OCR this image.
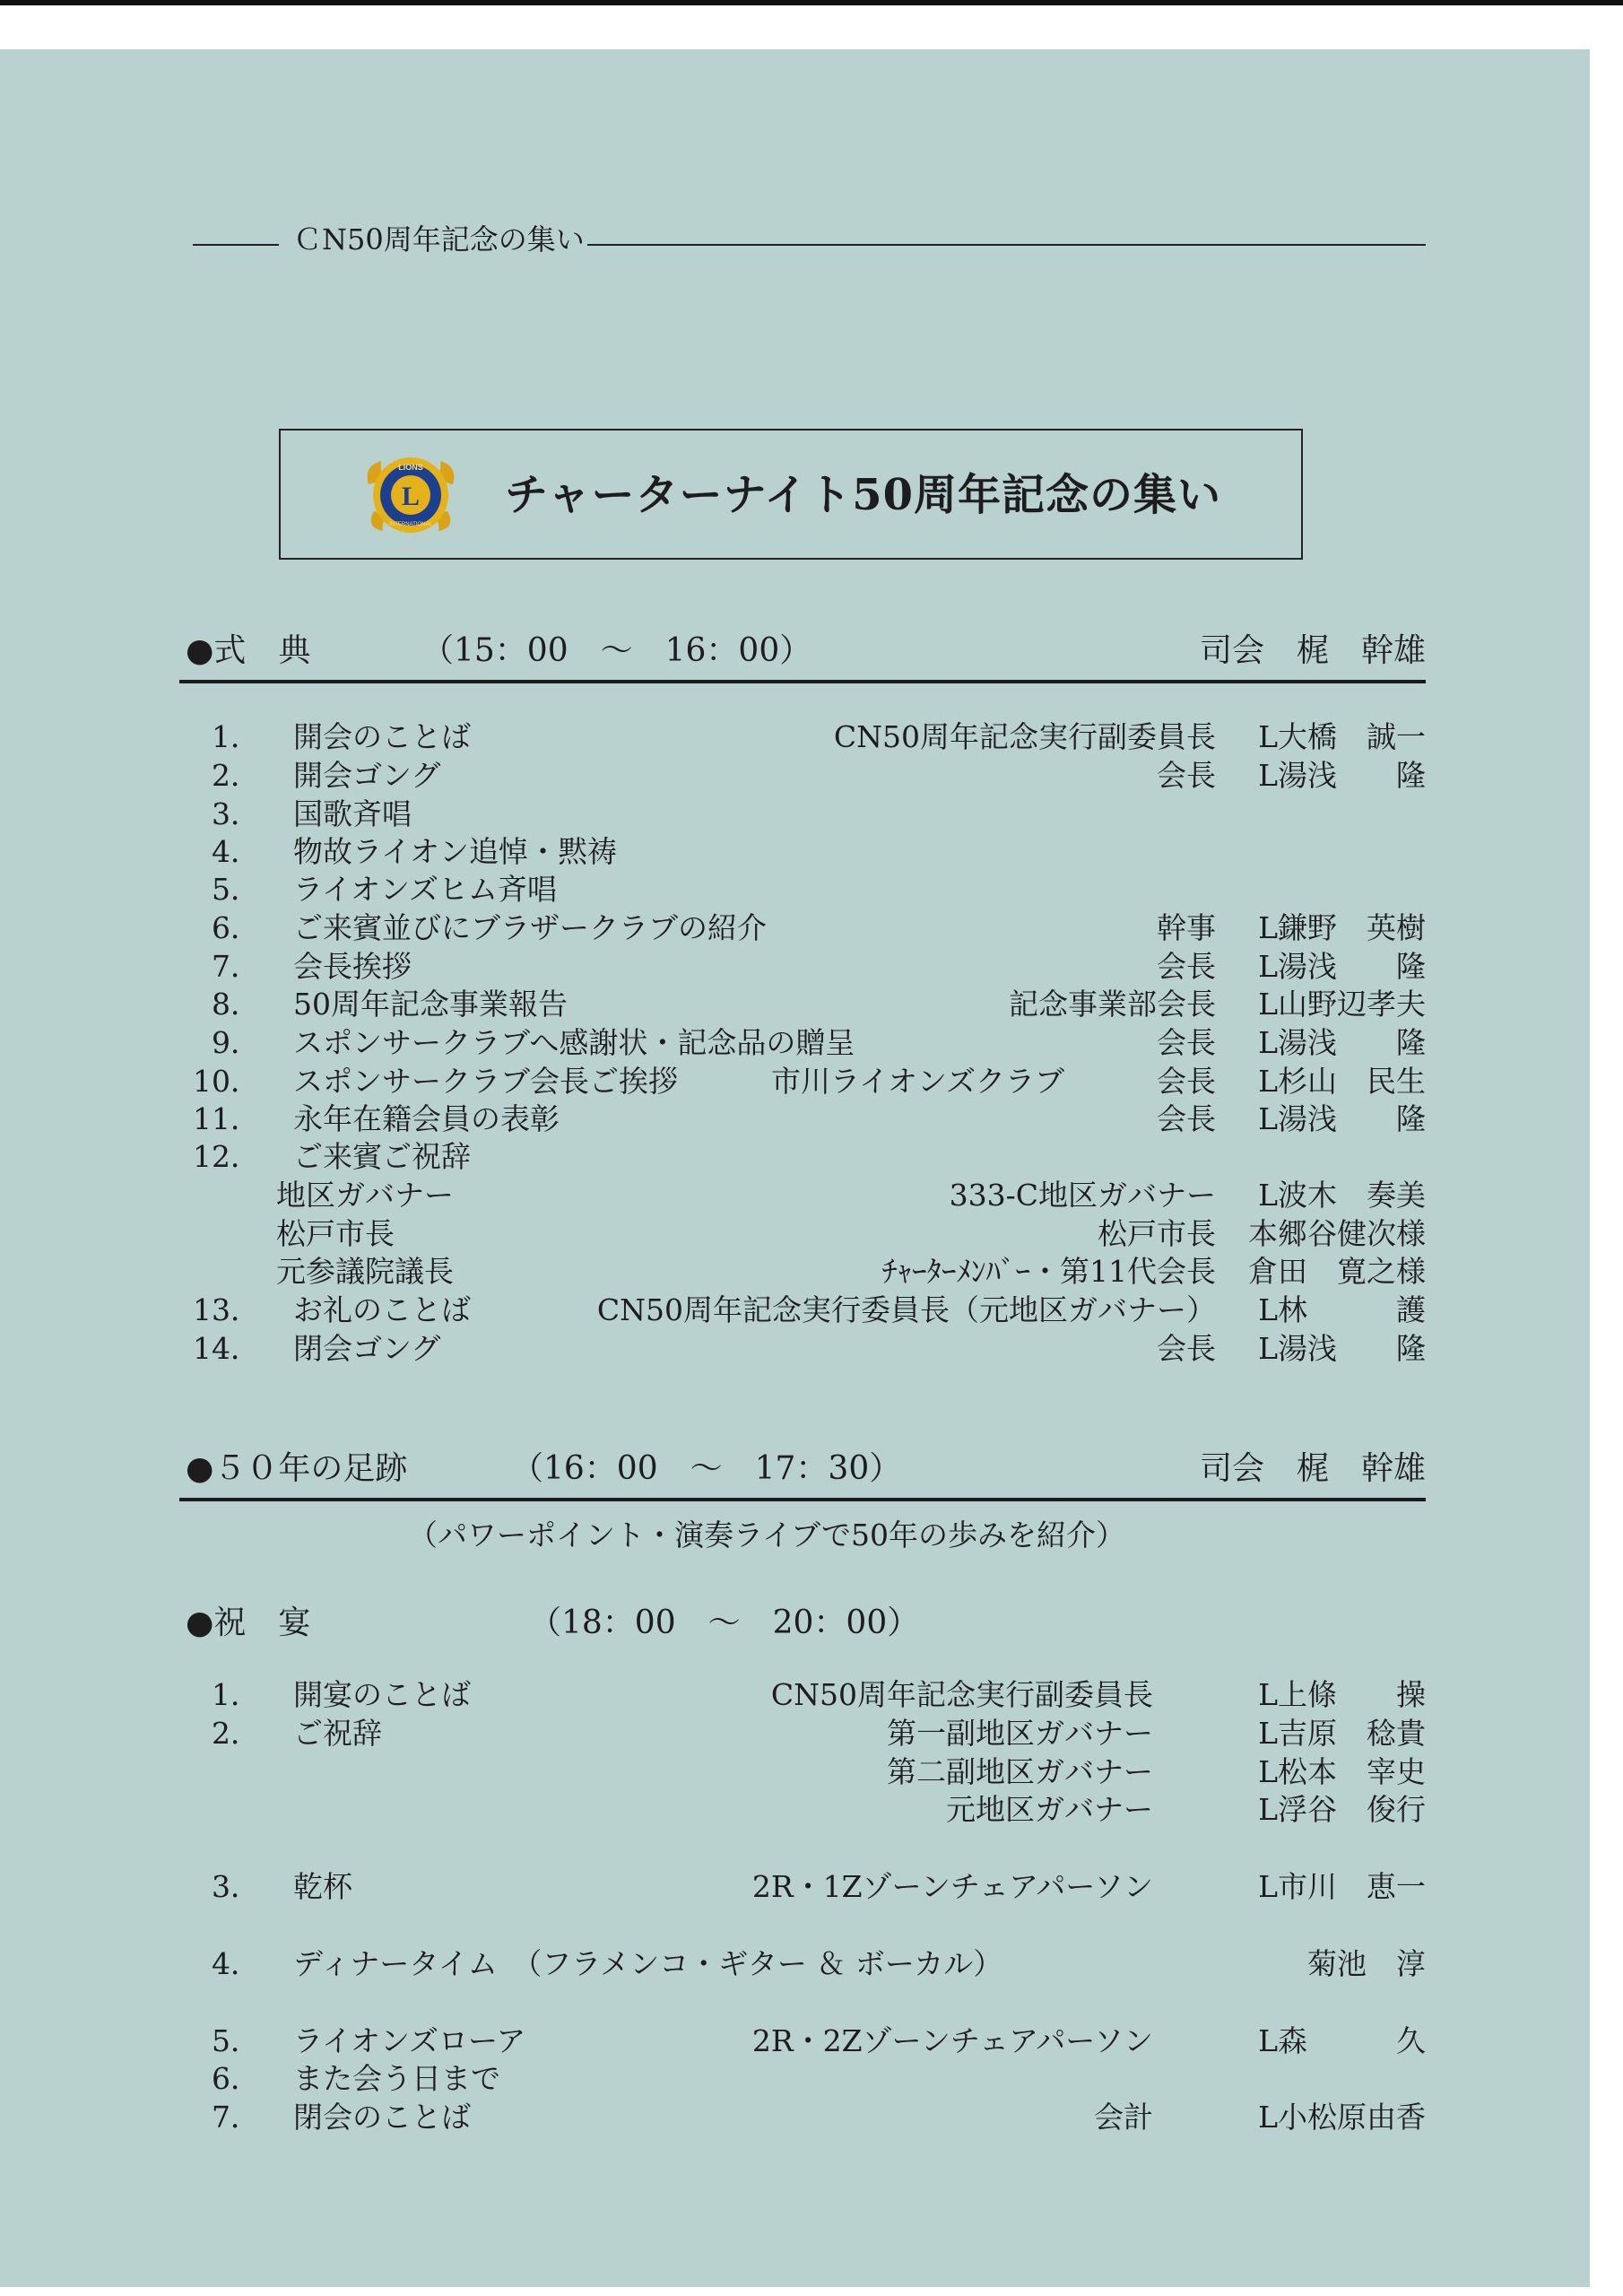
ＣN50周年記念の集い
LIONS
L
INTERNATIONAL
チャーターナイト50周年記念の集い
●式　典	（15：00　～　16：00）	司会　梶　幹雄
1． 開会のことば	CN50周年記念実行副委員長	L大橋　誠一
2． 開会ゴング	会長	L湯浅　　隆
3． 国歌斉唱
4． 物故ライオン追悼・黙祷
5． ライオンズヒム斉唱
6． ご来賓並びにブラザークラブの紹介	幹事	L鎌野　英樹
7． 会長挨拶	会長	L湯浅　　隆
8． 50周年記念事業報告	記念事業部会長	L山野辺孝夫
9． スポンサークラブへ感謝状・記念品の贈呈	会長	L湯浅　　隆
10． スポンサークラブ会長ご挨拶	市川ライオンズクラブ	会長	L杉山　民生
11． 永年在籍会員の表彰	会長	L湯浅　　隆
12． ご来賓ご祝辞
地区ガバナー	333-C地区ガバナー	L波木　奏美
松戸市長	松戸市長	本郷谷健次様
元参議院議長	ﾁｬｰﾀｰﾒﾝﾊﾞｰ・第11代会長	倉田　寛之様
13． お礼のことば	CN50周年記念実行委員長（元地区ガバナー）	L林　　　護
14． 閉会ゴング	会長	L湯浅　　隆
●５０年の足跡	（16：00　～　17：30）	司会　梶　幹雄
（パワーポイント・演奏ライブで50年の歩みを紹介）
●祝　宴	（18：00　～　20：00）
1． 開宴のことば	CN50周年記念実行副委員長	L上條　　操
2． ご祝辞	第一副地区ガバナー	L吉原　稔貴
第二副地区ガバナー	L松本　宰史
元地区ガバナー	L浮谷　俊行
3． 乾杯	2R・1Zゾーンチェアパーソン	L市川　恵一
4． ディナータイム　（フラメンコ・ギター ＆ ボーカル）	菊池　淳
5． ライオンズローア	2R・2Zゾーンチェアパーソン	L森　　　久
6． また会う日まで
7． 閉会のことば	会計	L小松原由香
